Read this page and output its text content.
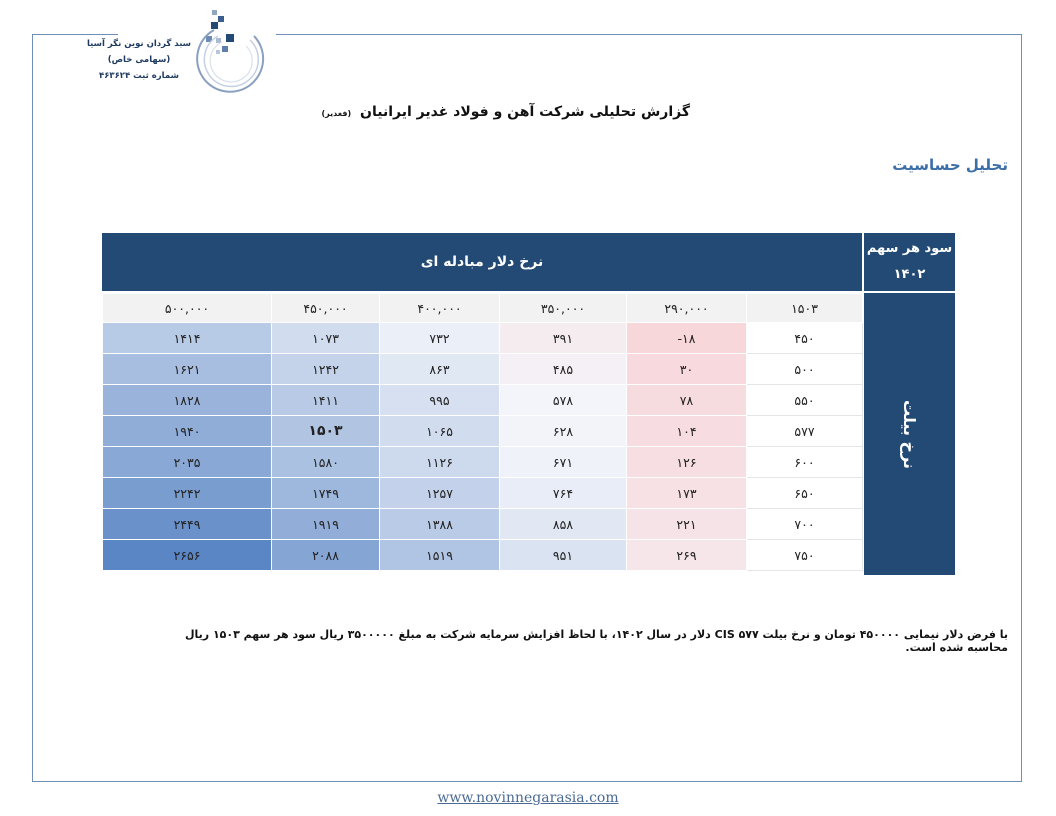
سبد گردان نوین نگر آسیا
(سهامی خاص)
شماره ثبت ۴۶۳۶۲۴
گزارش تحلیلی شرکت آهن و فولاد غدیر ایرانیان (فغدیر)
تحلیل حساسیت
نرخ دلار مبادله ای
سود هر سهم
۱۴۰۲
نرخ بیلت
۵۰۰,۰۰۰	۴۵۰,۰۰۰	۴۰۰,۰۰۰	۳۵۰,۰۰۰	۲۹۰,۰۰۰	۱۵۰۳
۱۴۱۴	۱۰۷۳	۷۳۲	۳۹۱	-۱۸	۴۵۰
۱۶۲۱	۱۲۴۲	۸۶۳	۴۸۵	۳۰	۵۰۰
۱۸۲۸	۱۴۱۱	۹۹۵	۵۷۸	۷۸	۵۵۰
۱۹۴۰	۱۵۰۳	۱۰۶۵	۶۲۸	۱۰۴	۵۷۷
۲۰۳۵	۱۵۸۰	۱۱۲۶	۶۷۱	۱۲۶	۶۰۰
۲۲۴۲	۱۷۴۹	۱۲۵۷	۷۶۴	۱۷۳	۶۵۰
۲۴۴۹	۱۹۱۹	۱۳۸۸	۸۵۸	۲۲۱	۷۰۰
۲۶۵۶	۲۰۸۸	۱۵۱۹	۹۵۱	۲۶۹	۷۵۰
با فرض دلار نیمایی ۴۵۰۰۰۰ تومان و نرخ بیلت CIS ۵۷۷ دلار در سال ۱۴۰۲، با لحاظ افزایش سرمایه شرکت به مبلغ ۳۵۰۰۰۰۰ ریال سود هر سهم ۱۵۰۳ ریال محاسبه شده است.
www.novinnegarasia.com
